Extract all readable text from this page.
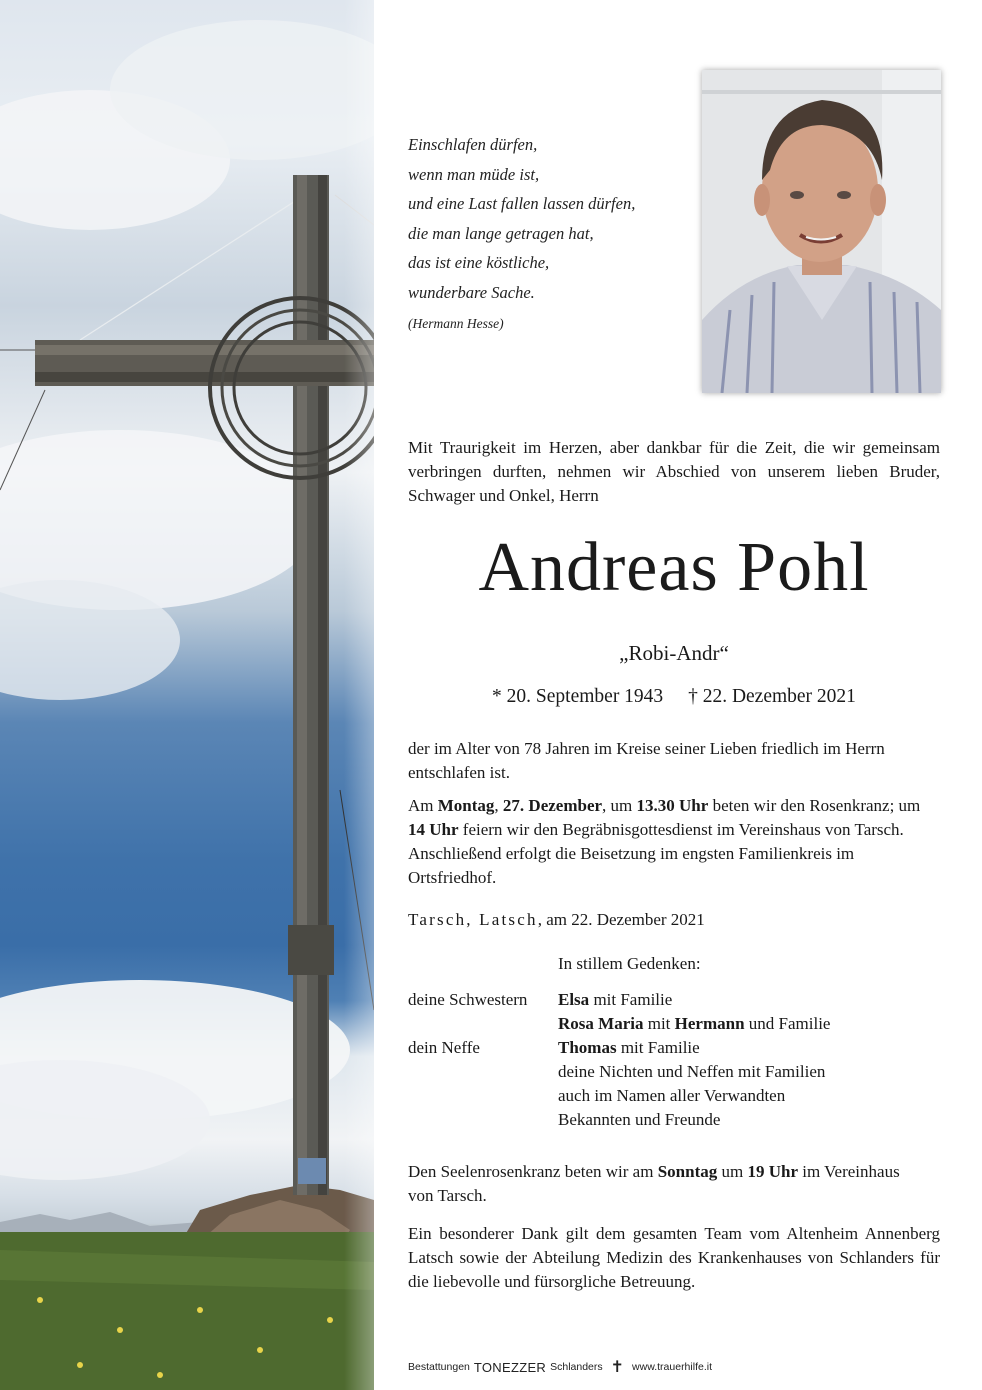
Einschlafen dürfen,
wenn man müde ist,
und eine Last fallen lassen dürfen,
die man lange getragen hat,
das ist eine köstliche,
wunderbare Sache.
(Hermann Hesse)
Mit Traurigkeit im Herzen, aber dankbar für die Zeit, die wir gemeinsam verbringen durften, nehmen wir Abschied von unserem lieben Bruder, Schwager und Onkel, Herrn
Andreas Pohl
„Robi-Andr“
* 20. September 1943 † 22. Dezember 2021
der im Alter von 78 Jahren im Kreise seiner Lieben friedlich im Herrn entschlafen ist.
Am Montag, 27. Dezember, um 13.30 Uhr beten wir den Rosenkranz; um 14 Uhr feiern wir den Begräbnisgottesdienst im Vereinshaus von Tarsch. Anschließend erfolgt die Beisetzung im engsten Familienkreis im Ortsfriedhof.
Tarsch, Latsch, am 22. Dezember 2021
In stillem Gedenken:
deine Schwestern	Elsa mit Familie
Rosa Maria mit Hermann und Familie
dein Neffe	Thomas mit Familie
deine Nichten und Neffen mit Familien
auch im Namen aller Verwandten
Bekannten und Freunde
Den Seelenrosenkranz beten wir am Sonntag um 19 Uhr im Vereinhaus von Tarsch.
Ein besonderer Dank gilt dem gesamten Team vom Altenheim Annenberg Latsch sowie der Abteilung Medizin des Krankenhauses von Schlanders für die liebevolle und fürsorgliche Betreuung.
Bestattungen TONEZZER Schlanders ✝ www.trauerhilfe.it
